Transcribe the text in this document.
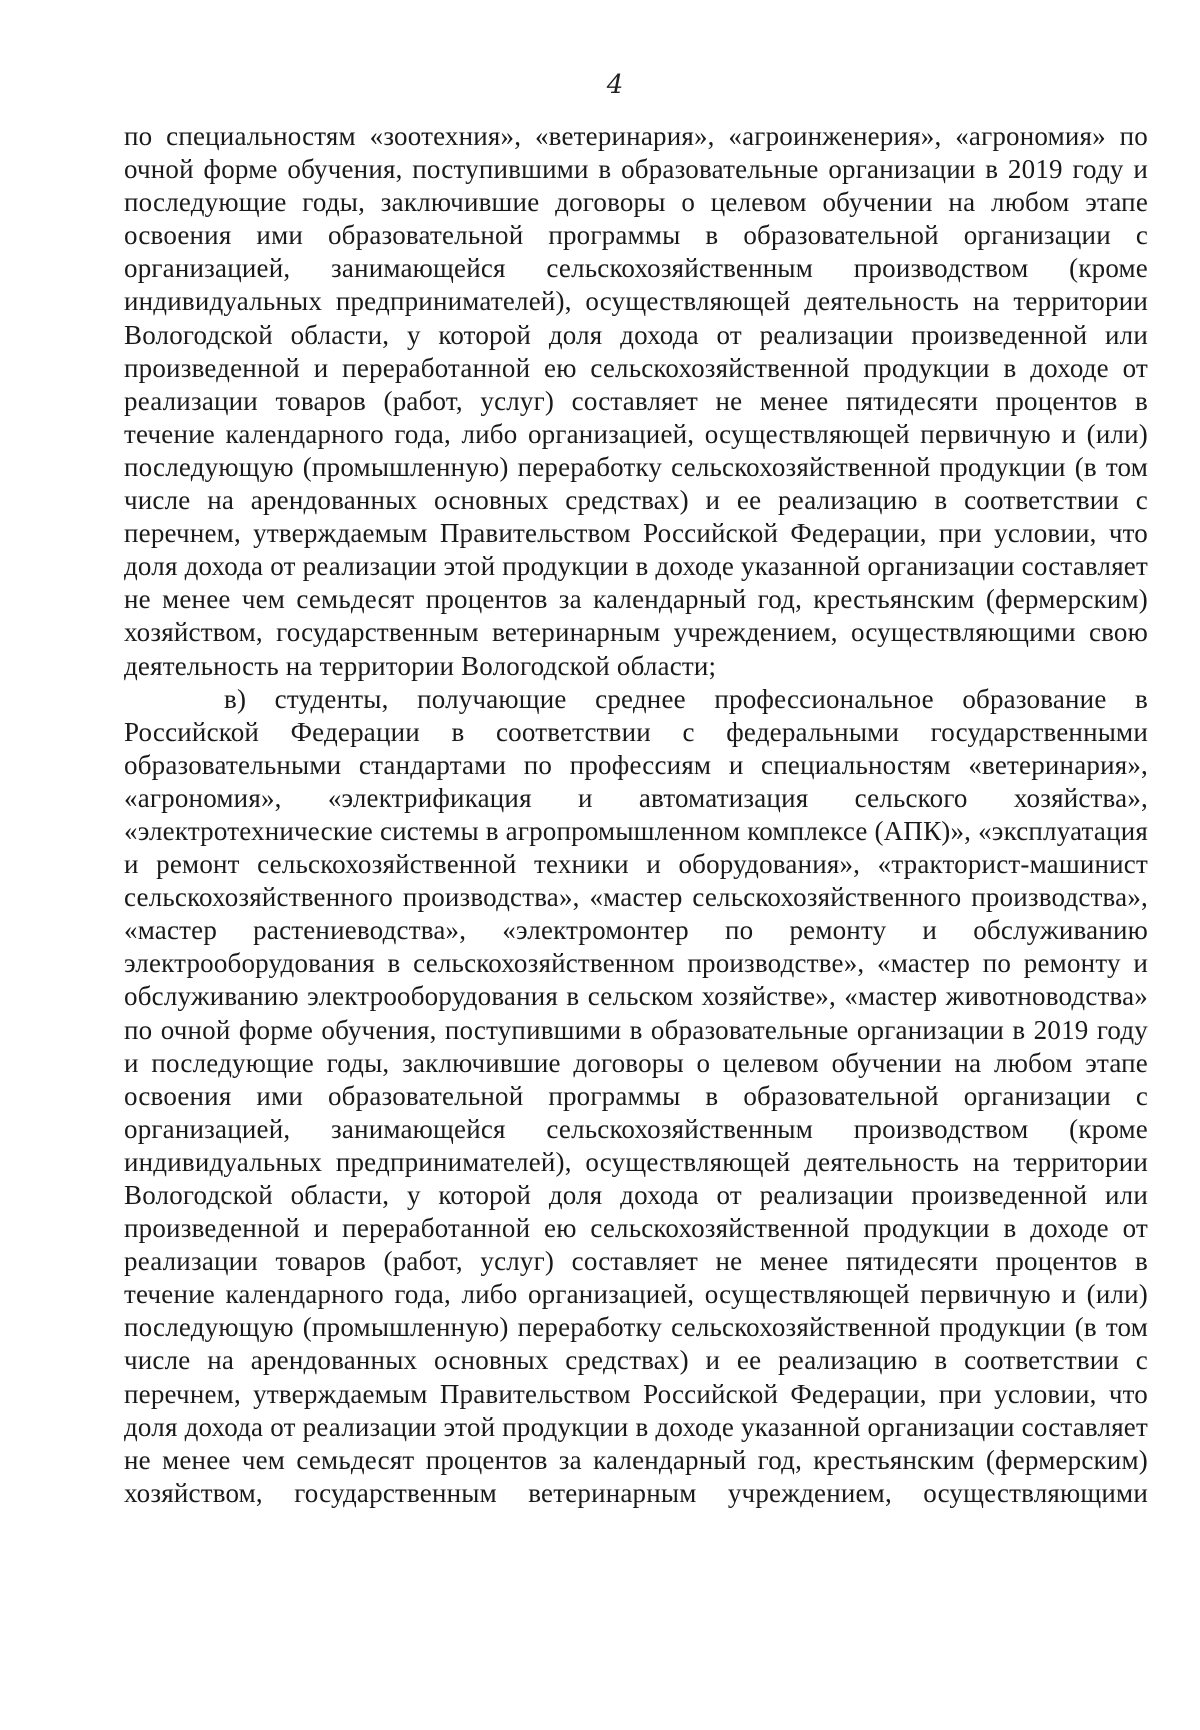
4

по специальностям «зоотехния», «ветеринария», «агроинженерия», «агрономия» по очной форме обучения, поступившими в образовательные организации в 2019 году и последующие годы, заключившие договоры о целевом обучении на любом этапе освоения ими образовательной программы в образовательной организации с организацией, занимающейся сельскохозяйственным производством (кроме индивидуальных предпринимателей), осуществляющей деятельность на территории Вологодской области, у которой доля дохода от реализации произведенной или произведенной и переработанной ею сельскохозяйственной продукции в доходе от реализации товаров (работ, услуг) составляет не менее пятидесяти процентов в течение календарного года, либо организацией, осуществляющей первичную и (или) последующую (промышленную) переработку сельскохозяйственной продукции (в том числе на арендованных основных средствах) и ее реализацию в соответствии с перечнем, утверждаемым Правительством Российской Федерации, при условии, что доля дохода от реализации этой продукции в доходе указанной организации составляет не менее чем семьдесят процентов за календарный год, крестьянским (фермерским) хозяйством, государственным ветеринарным учреждением, осуществляющими свою деятельность на территории Вологодской области;

в) студенты, получающие среднее профессиональное образование в Российской Федерации в соответствии с федеральными государственными образовательными стандартами по профессиям и специальностям «ветеринария», «агрономия», «электрификация и автоматизация сельского хозяйства», «электротехнические системы в агропромышленном комплексе (АПК)», «эксплуатация и ремонт сельскохозяйственной техники и оборудования», «тракторист-машинист сельскохозяйственного производства», «мастер сельскохозяйственного производства», «мастер растениеводства», «электромонтер по ремонту и обслуживанию электрооборудования в сельскохозяйственном производстве», «мастер по ремонту и обслуживанию электрооборудования в сельском хозяйстве», «мастер животноводства» по очной форме обучения, поступившими в образовательные организации в 2019 году и последующие годы, заключившие договоры о целевом обучении на любом этапе освоения ими образовательной программы в образовательной организации с организацией, занимающейся сельскохозяйственным производством (кроме индивидуальных предпринимателей), осуществляющей деятельность на территории Вологодской области, у которой доля дохода от реализации произведенной или произведенной и переработанной ею сельскохозяйственной продукции в доходе от реализации товаров (работ, услуг) составляет не менее пятидесяти процентов в течение календарного года, либо организацией, осуществляющей первичную и (или) последующую (промышленную) переработку сельскохозяйственной продукции (в том числе на арендованных основных средствах) и ее реализацию в соответствии с перечнем, утверждаемым Правительством Российской Федерации, при условии, что доля дохода от реализации этой продукции в доходе указанной организации составляет не менее чем семьдесят процентов за календарный год, крестьянским (фермерским) хозяйством, государственным ветеринарным учреждением, осуществляющими
